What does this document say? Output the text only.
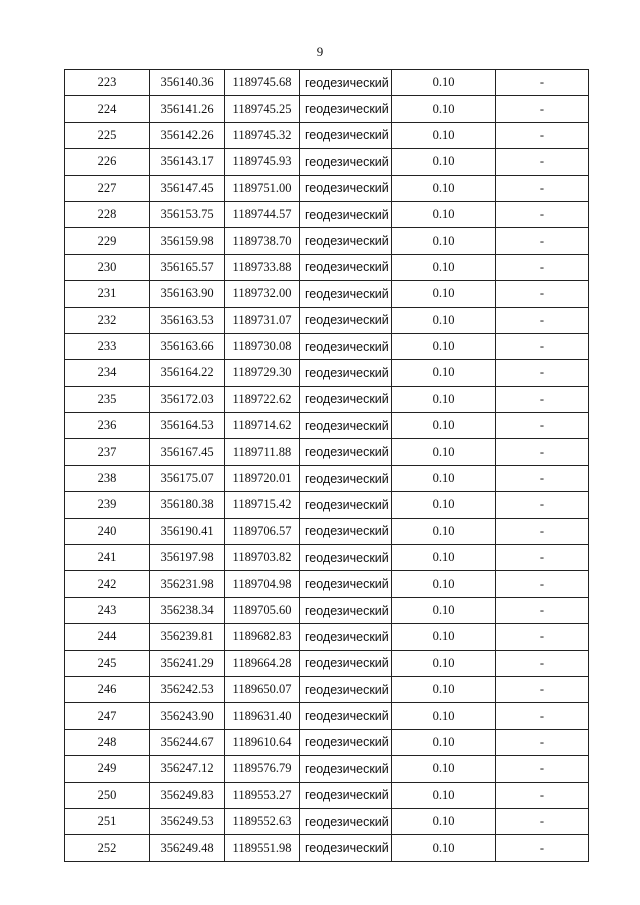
9
223	356140.36	1189745.68	геодезический	0.10	-
224	356141.26	1189745.25	геодезический	0.10	-
225	356142.26	1189745.32	геодезический	0.10	-
226	356143.17	1189745.93	геодезический	0.10	-
227	356147.45	1189751.00	геодезический	0.10	-
228	356153.75	1189744.57	геодезический	0.10	-
229	356159.98	1189738.70	геодезический	0.10	-
230	356165.57	1189733.88	геодезический	0.10	-
231	356163.90	1189732.00	геодезический	0.10	-
232	356163.53	1189731.07	геодезический	0.10	-
233	356163.66	1189730.08	геодезический	0.10	-
234	356164.22	1189729.30	геодезический	0.10	-
235	356172.03	1189722.62	геодезический	0.10	-
236	356164.53	1189714.62	геодезический	0.10	-
237	356167.45	1189711.88	геодезический	0.10	-
238	356175.07	1189720.01	геодезический	0.10	-
239	356180.38	1189715.42	геодезический	0.10	-
240	356190.41	1189706.57	геодезический	0.10	-
241	356197.98	1189703.82	геодезический	0.10	-
242	356231.98	1189704.98	геодезический	0.10	-
243	356238.34	1189705.60	геодезический	0.10	-
244	356239.81	1189682.83	геодезический	0.10	-
245	356241.29	1189664.28	геодезический	0.10	-
246	356242.53	1189650.07	геодезический	0.10	-
247	356243.90	1189631.40	геодезический	0.10	-
248	356244.67	1189610.64	геодезический	0.10	-
249	356247.12	1189576.79	геодезический	0.10	-
250	356249.83	1189553.27	геодезический	0.10	-
251	356249.53	1189552.63	геодезический	0.10	-
252	356249.48	1189551.98	геодезический	0.10	-
